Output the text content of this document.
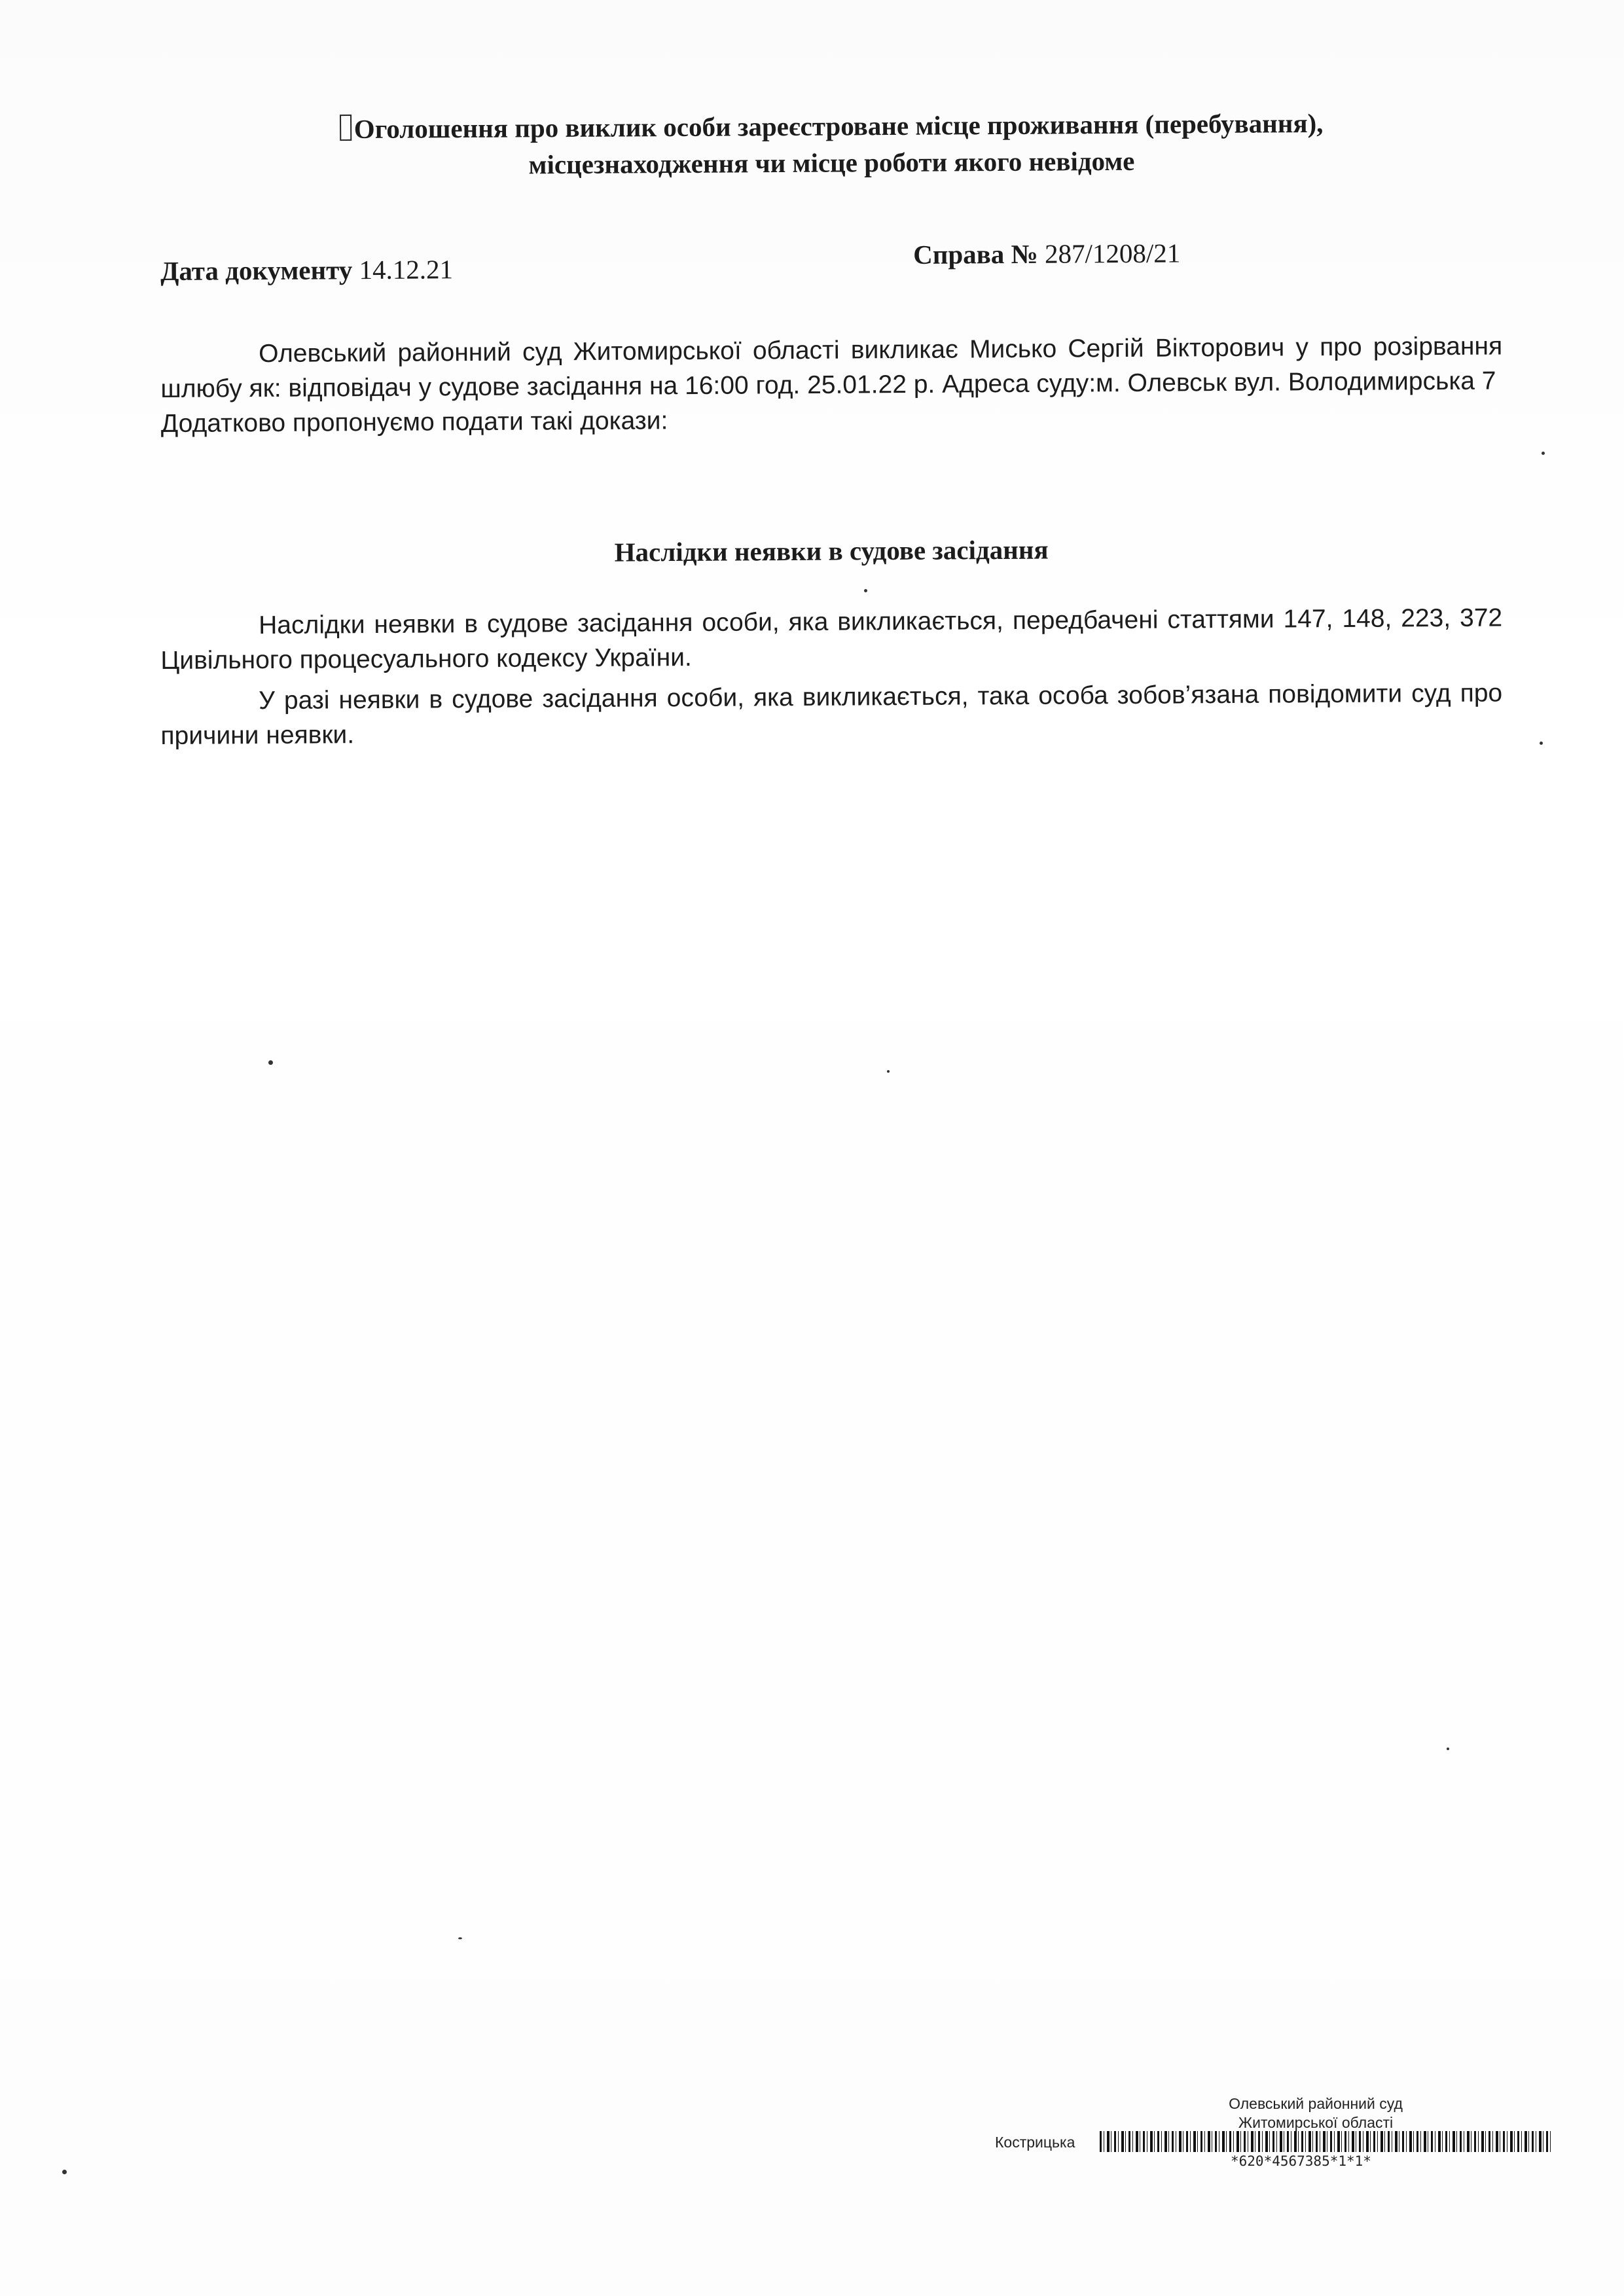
Оголошення про виклик особи зареєстроване місце проживання (перебування),
місцезнаходження чи місце роботи якого невідоме
Дата документу 14.12.21	Справа № 287/1208/21

Олевський районний суд Житомирської області викликає Мисько Сергій Вікторович у про розірвання шлюбу як: відповідач у судове засідання на 16:00 год. 25.01.22 р. Адреса суду:м. Олевськ вул. Володимирська 7

Додатково пропонуємо подати такі докази:

Наслідки неявки в судове засідання

Наслідки неявки в судове засідання особи, яка викликається, передбачені статтями 147, 148, 223, 372 Цивільного процесуального кодексу України.

У разі неявки в судове засідання особи, яка викликається, така особа зобов’язана повідомити суд про причини неявки.

Олевський районний суд
Житомирської області
Кострицька
*620*4567385*1*1*
